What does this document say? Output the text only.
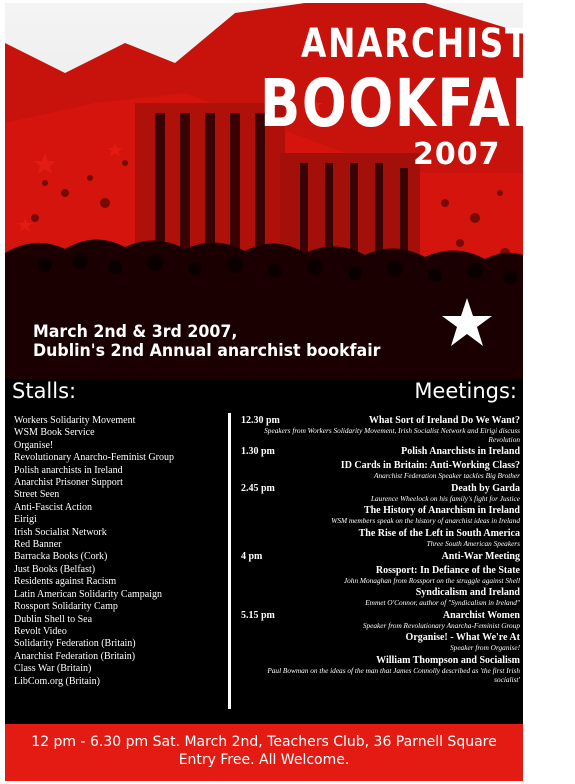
ANARCHIST
BOOKFAIR
2007
March 2nd & 3rd 2007,
Dublin's 2nd Annual anarchist bookfair
Stalls:	Meetings:
Workers Solidarity Movement
WSM Book Service
Organise!
Revolutionary Anarcho-Feminist Group
Polish anarchists in Ireland
Anarchist Prisoner Support
Street Seen
Anti-Fascist Action
Eirigi
Irish Socialist Network
Red Banner
Barracka Books (Cork)
Just Books (Belfast)
Residents against Racism
Latin American Solidarity Campaign
Rossport Solidarity Camp
Dublin Shell to Sea
Revolt Video
Solidarity Federation (Britain)
Anarchist Federation (Britain)
Class War (Britain)
LibCom.org (Britain)
12.30 pm	What Sort of Ireland Do We Want?
Speakers from Workers Solidarity Movement, Irish Socialist Network and Eirigi discuss Revolution
1.30 pm	Polish Anarchists in Ireland
ID Cards in Britain: Anti-Working Class?
Anarchist Federation Speaker tackles Big Brother
2.45 pm	Death by Garda
Laurence Wheelock on his family's fight for Justice
The History of Anarchism in Ireland
WSM members speak on the history of anarchist ideas in Ireland
The Rise of the Left in South America
Three South American Speakers
4 pm	Anti-War Meeting
Rossport: In Defiance of the State
John Monaghan from Rossport on the struggle against Shell
Syndicalism and Ireland
Emmet O'Connor, author of "Syndicalism in Ireland"
5.15 pm	Anarchist Women
Speaker from Revolutionary Anarcha-Feminist Group
Organise! - What We're At
Speaker from Organise!
William Thompson and Socialism
Paul Bowman on the ideas of the man that James Connolly described as 'the first Irish socialist'
12 pm - 6.30 pm Sat. March 2nd, Teachers Club, 36 Parnell Square
Entry Free. All Welcome.
